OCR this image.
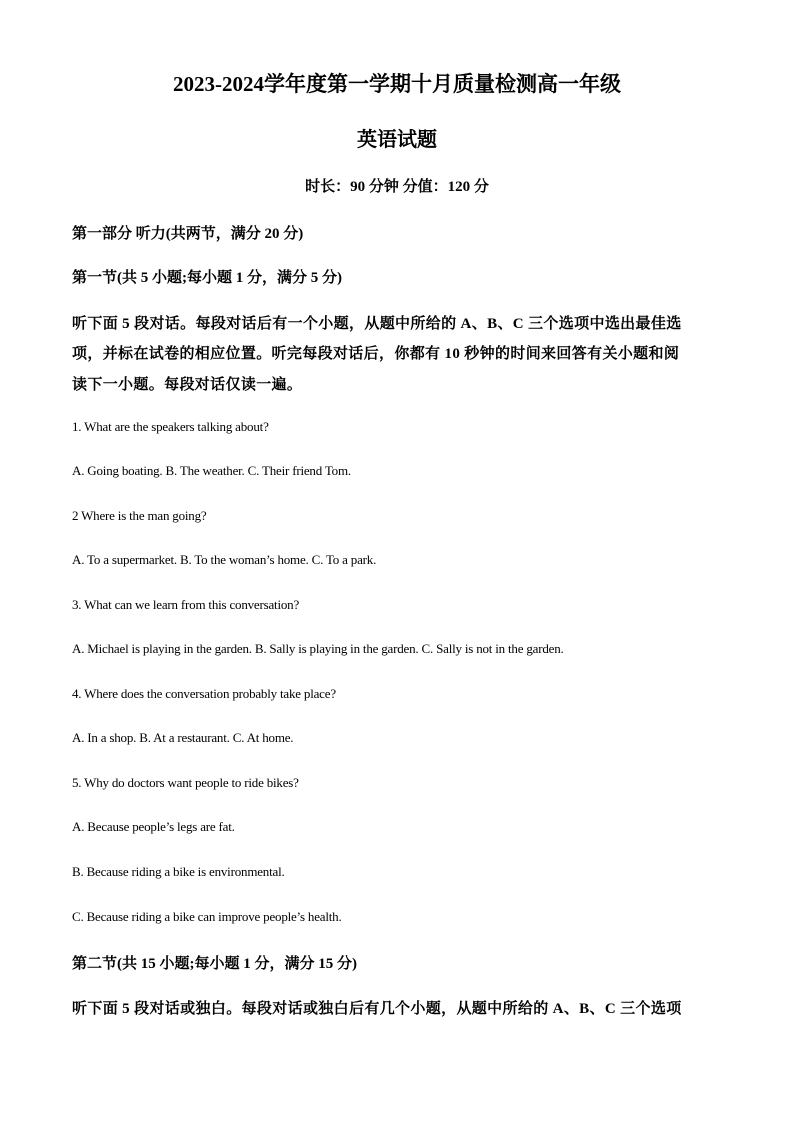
2023-2024学年度第一学期十月质量检测高一年级
英语试题
时长：90 分钟 分值：120 分
第一部分 听力(共两节，满分 20 分)
第一节(共 5 小题;每小题 1 分，满分 5 分)
听下面 5 段对话。每段对话后有一个小题，从题中所给的 A、B、C 三个选项中选出最佳选
项，并标在试卷的相应位置。听完每段对话后，你都有 10 秒钟的时间来回答有关小题和阅
读下一小题。每段对话仅读一遍。
1. What are the speakers talking about?
A. Going boating. B. The weather. C. Their friend Tom.
2 Where is the man going?
A. To a supermarket. B. To the woman’s home. C. To a park.
3. What can we learn from this conversation?
A. Michael is playing in the garden. B. Sally is playing in the garden. C. Sally is not in the garden.
4. Where does the conversation probably take place?
A. In a shop. B. At a restaurant. C. At home.
5. Why do doctors want people to ride bikes?
A. Because people’s legs are fat.
B. Because riding a bike is environmental.
C. Because riding a bike can improve people’s health.
第二节(共 15 小题;每小题 1 分，满分 15 分)
听下面 5 段对话或独白。每段对话或独白后有几个小题，从题中所给的 A、B、C 三个选项
